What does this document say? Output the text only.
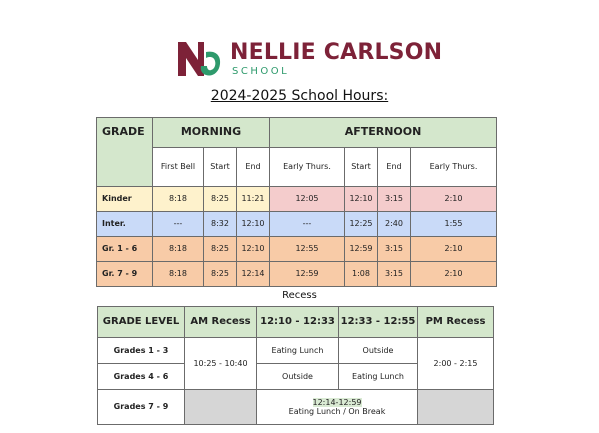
NELLIE CARLSON
SCHOOL
2024-2025 School Hours:
GRADE	MORNING			AFTERNOON			
	First Bell	Start	End	Early Thurs.	Start	End	Early Thurs.
Kinder	8:18	8:25	11:21	12:05	12:10	3:15	2:10
Inter.	---	8:32	12:10	---	12:25	2:40	1:55
Gr. 1 - 6	8:18	8:25	12:10	12:55	12:59	3:15	2:10
Gr. 7 - 9	8:18	8:25	12:14	12:59	1:08	3:15	2:10
Recess
GRADE LEVEL	AM Recess	12:10 - 12:33	12:33 - 12:55	PM Recess
Grades 1 - 3	10:25 - 10:40	Eating Lunch	Outside	2:00 - 2:15
Grades 4 - 6		Outside	Eating Lunch	
Grades 7 - 9		12:14-12:59
Eating Lunch / On Break		
